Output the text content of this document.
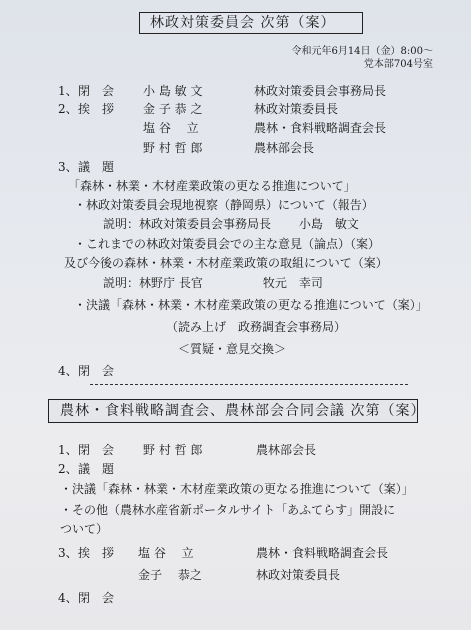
林政対策委員会 次第（案）
令和元年6月14日（金）8:00～
党本部704号室
1、 閉　会 小 島 敏 文	林政対策委員会事務局長
2、 挨　拶 金 子 恭 之	林政対策委員長
塩 谷　 立	農林・食料戦略調査会長
野 村 哲 郎	農林部会長
3、 議　題
「森林・林業・木材産業政策の更なる推進について」
・林政対策委員会現地視察（静岡県）について（報告）
説明：林政対策委員会事務局長　　 小島　敏文
・これまでの林政対策委員会での主な意見（論点）（案）
及び今後の森林・林業・木材産業政策の取組について（案）
説明：林野庁 長官　　　　　牧元　幸司
・決議「森林・林業・木材産業政策の更なる推進について（案）」
（読み上げ　政務調査会事務局）
＜質疑・意見交換＞
4、 閉　会
農林・食料戦略調査会、農林部会合同会議 次第（案）
1、 閉　会 野 村 哲 郎	農林部会長
2、 議　題
・決議「森林・林業・木材産業政策の更なる推進について（案）」
・その他（農林水産省新ポータルサイト「あふてらす」開設に
ついて）
3、 挨　拶 塩 谷　 立	農林・食料戦略調査会長
金子　 恭之	林政対策委員長
4、 閉　会
